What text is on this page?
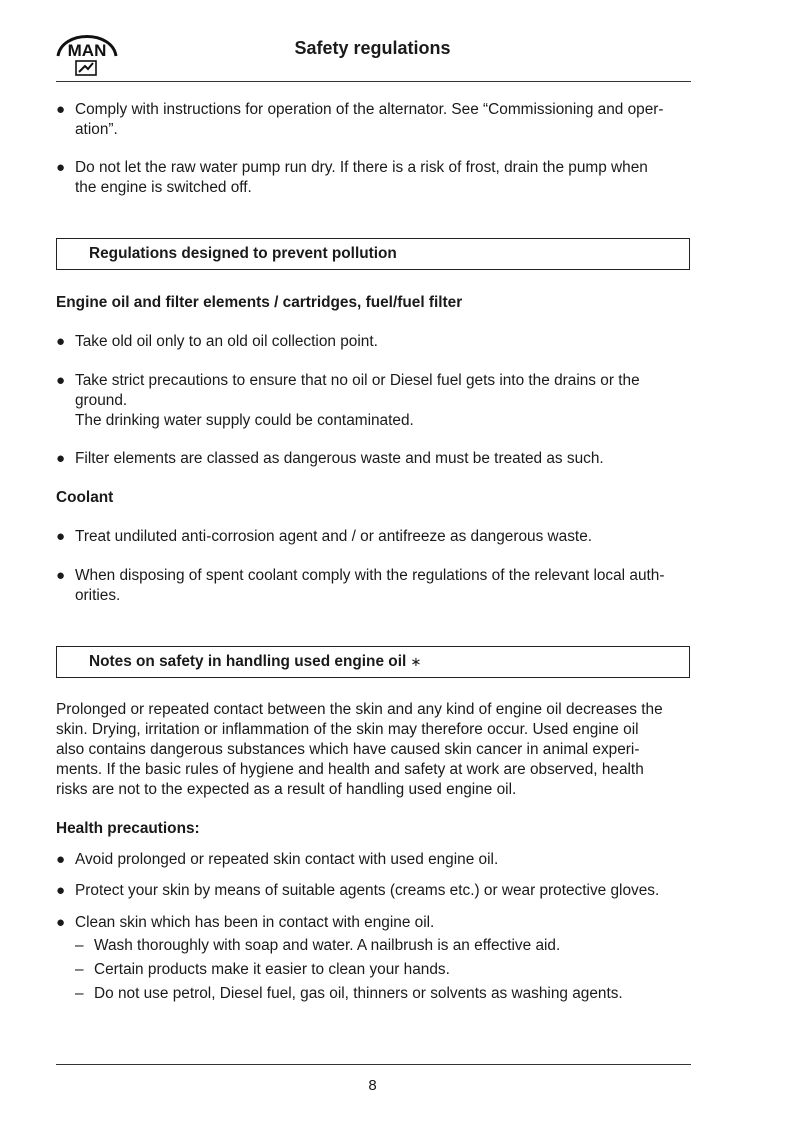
MAN	Safety regulations
● Comply with instructions for operation of the alternator. See “Commissioning and oper-
ation”.
● Do not let the raw water pump run dry. If there is a risk of frost, drain the pump when
the engine is switched off.
Regulations designed to prevent pollution
Engine oil and filter elements / cartridges, fuel/fuel filter
● Take old oil only to an old oil collection point.
● Take strict precautions to ensure that no oil or Diesel fuel gets into the drains or the
ground.
The drinking water supply could be contaminated.
● Filter elements are classed as dangerous waste and must be treated as such.
Coolant
● Treat undiluted anti-corrosion agent and / or antifreeze as dangerous waste.
● When disposing of spent coolant comply with the regulations of the relevant local auth-
orities.
Notes on safety in handling used engine oil ∗
Prolonged or repeated contact between the skin and any kind of engine oil decreases the
skin. Drying, irritation or inflammation of the skin may therefore occur. Used engine oil
also contains dangerous substances which have caused skin cancer in animal experi-
ments. If the basic rules of hygiene and health and safety at work are observed, health
risks are not to the expected as a result of handling used engine oil.
Health precautions:
● Avoid prolonged or repeated skin contact with used engine oil.
● Protect your skin by means of suitable agents (creams etc.) or wear protective gloves.
● Clean skin which has been in contact with engine oil.
– Wash thoroughly with soap and water. A nailbrush is an effective aid.
– Certain products make it easier to clean your hands.
– Do not use petrol, Diesel fuel, gas oil, thinners or solvents as washing agents.
8
